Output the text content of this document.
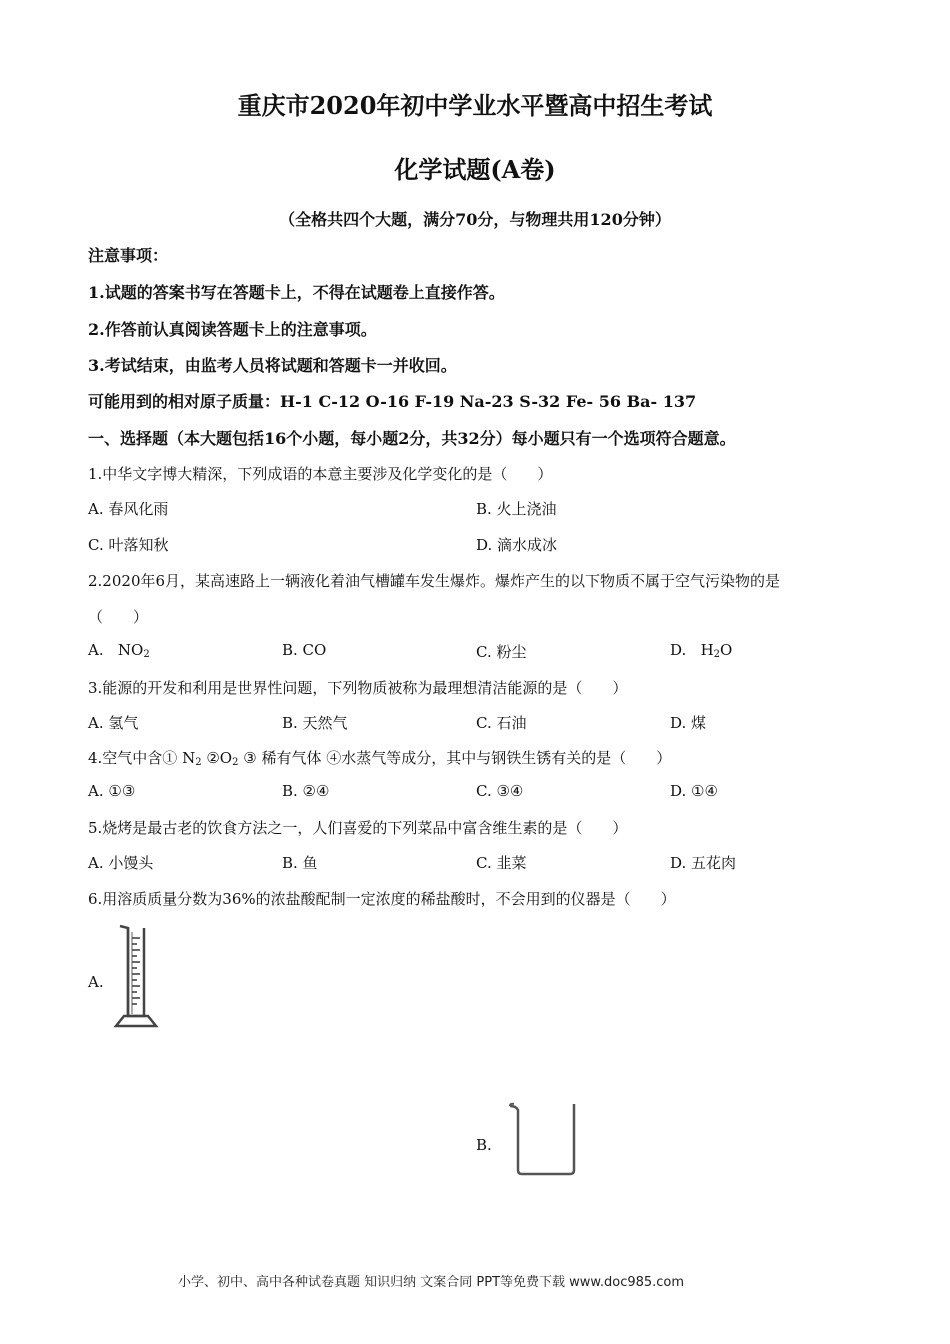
重庆市2020年初中学业水平暨高中招生考试
化学试题(A卷)
（全格共四个大题，满分70分，与物理共用120分钟）
注意事项：
1.试题的答案书写在答题卡上，不得在试题卷上直接作答。
2.作答前认真阅读答题卡上的注意事项。
3.考试结束，由监考人员将试题和答题卡一并收回。
可能用到的相对原子质量：H-1 C-12 O-16 F-19 Na-23 S-32 Fe- 56 Ba- 137
一、选择题（本大题包括16个小题，每小题2分，共32分）每小题只有一个选项符合题意。
1.中华文字博大精深，下列成语的本意主要涉及化学变化的是（　　）
A. 春风化雨	B. 火上浇油
C. 叶落知秋	D. 滴水成冰
2.2020年6月，某高速路上一辆液化着油气槽罐车发生爆炸。爆炸产生的以下物质不属于空气污染物的是
（　　）
A. $NO_2$	B. CO	C. 粉尘	D. $H_2O$
3.能源的开发和利用是世界性问题，下列物质被称为最理想清洁能源的是（　　）
A. 氢气	B. 天然气	C. 石油	D. 煤
4.空气中含① $N_2$ $②O_2$ ③ 稀有气体 ④水蒸气等成分，其中与钢铁生锈有关的是（　　）
A. ①③	B. ②④	C. ③④	D. ①④
5.烧烤是最古老的饮食方法之一，人们喜爱的下列菜品中富含维生素的是（　　）
A. 小馒头	B. 鱼	C. 韭菜	D. 五花肉
6.用溶质质量分数为36%的浓盐酸配制一定浓度的稀盐酸时，不会用到的仪器是（　　）
A.
B.
小学、初中、高中各种试卷真题 知识归纳 文案合同 PPT等免费下载 www.doc985.com
